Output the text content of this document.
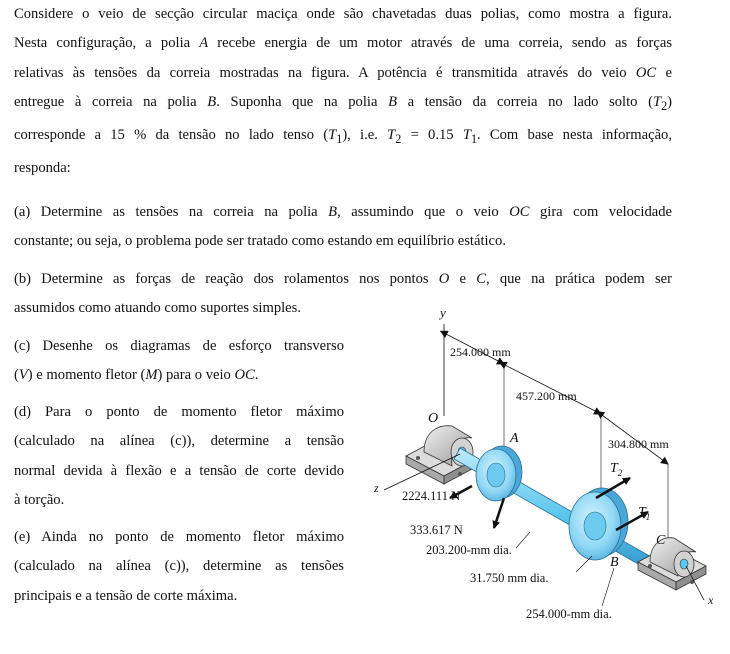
Considere o veio de secção circular maciça onde são chavetadas duas polias, como mostra a figura.

Nesta configuração, a polia A recebe energia de um motor através de uma correia, sendo as forças

relativas às tensões da correia mostradas na figura. A potência é transmitida através do veio OC e

entregue à correia na polia B. Suponha que na polia B a tensão da correia no lado solto $(T_2)$

corresponde a 15 % da tensão no lado tenso $(T_1)$, i.e. $T_2 = 0.15$ $T_1$. Com base nesta informação,

responda:

(a) Determine as tensões na correia na polia B, assumindo que o veio OC gira com velocidade

constante; ou seja, o problema pode ser tratado como estando em equilíbrio estático.

(b) Determine as forças de reação dos rolamentos nos pontos O e C, que na prática podem ser

assumidos como atuando como suportes simples.

(c) Desenhe os diagramas de esforço transverso

(V) e momento fletor (M) para o veio OC.

(d) Para o ponto de momento fletor máximo

(calculado na alínea (c)), determine a tensão

normal devida à flexão e a tensão de corte devido

à torção.

(e) Ainda no ponto de momento fletor máximo

(calculado na alínea (c)), determine as tensões

principais e a tensão de corte máxima.

y
254.000 mm
457.200 mm
304.800 mm
O
z
A
2224.111 N
333.617 N
203.200-mm dia.
B
$T_2$
$T_1$
31.750 mm dia.
C
x
254.000-mm dia.
